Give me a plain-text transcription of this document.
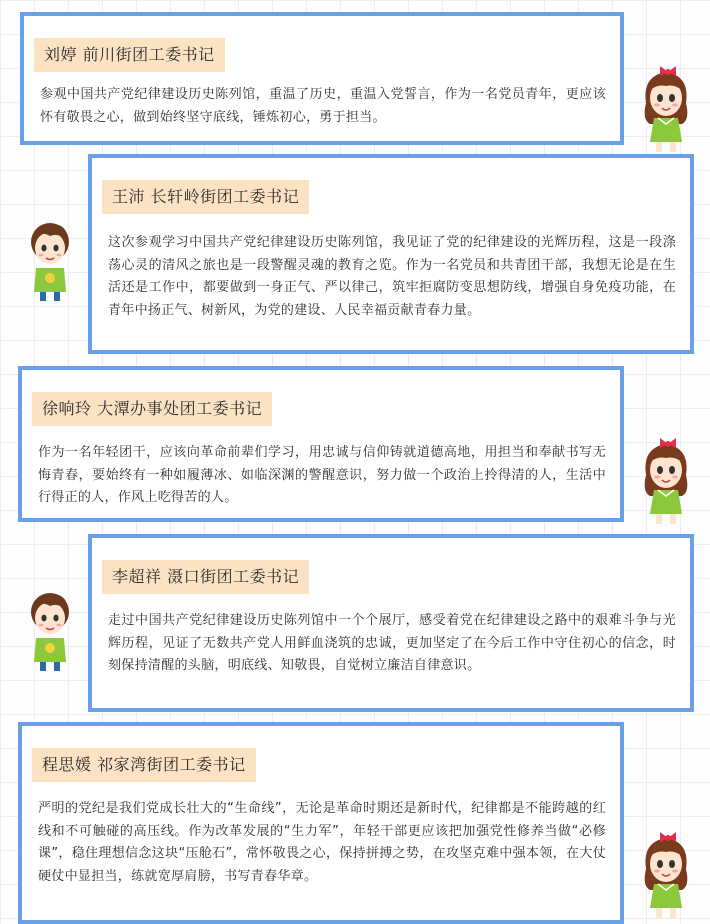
刘婷 前川街团工委书记
参观中国共产党纪律建设历史陈列馆，重温了历史，重温入党誓言，作为一名党员青年，更应该怀有敬畏之心，做到始终坚守底线，锤炼初心，勇于担当。
王沛 长轩岭街团工委书记
这次参观学习中国共产党纪律建设历史陈列馆，我见证了党的纪律建设的光辉历程，这是一段涤荡心灵的清风之旅也是一段警醒灵魂的教育之览。作为一名党员和共青团干部，我想无论是在生活还是工作中，都要做到一身正气、严以律己，筑牢拒腐防变思想防线，增强自身免疫功能，在青年中扬正气、树新风，为党的建设、人民幸福贡献青春力量。
徐响玲 大潭办事处团工委书记
作为一名年轻团干，应该向革命前辈们学习，用忠诚与信仰铸就道德高地，用担当和奉献书写无悔青春，要始终有一种如履薄冰、如临深渊的警醒意识，努力做一个政治上拎得清的人，生活中行得正的人，作风上吃得苦的人。
李超祥 滠口街团工委书记
走过中国共产党纪律建设历史陈列馆中一个个展厅，感受着党在纪律建设之路中的艰难斗争与光辉历程，见证了无数共产党人用鲜血浇筑的忠诚，更加坚定了在今后工作中守住初心的信念，时刻保持清醒的头脑，明底线、知敬畏，自觉树立廉洁自律意识。
程思媛 祁家湾街团工委书记
严明的党纪是我们党成长壮大的“生命线”，无论是革命时期还是新时代，纪律都是不能跨越的红线和不可触碰的高压线。作为改革发展的“生力军”，年轻干部更应该把加强党性修养当做“必修课”，稳住理想信念这块“压舱石”，常怀敬畏之心，保持拼搏之势，在攻坚克难中强本领，在大仗硬仗中显担当，练就宽厚肩膀，书写青春华章。
